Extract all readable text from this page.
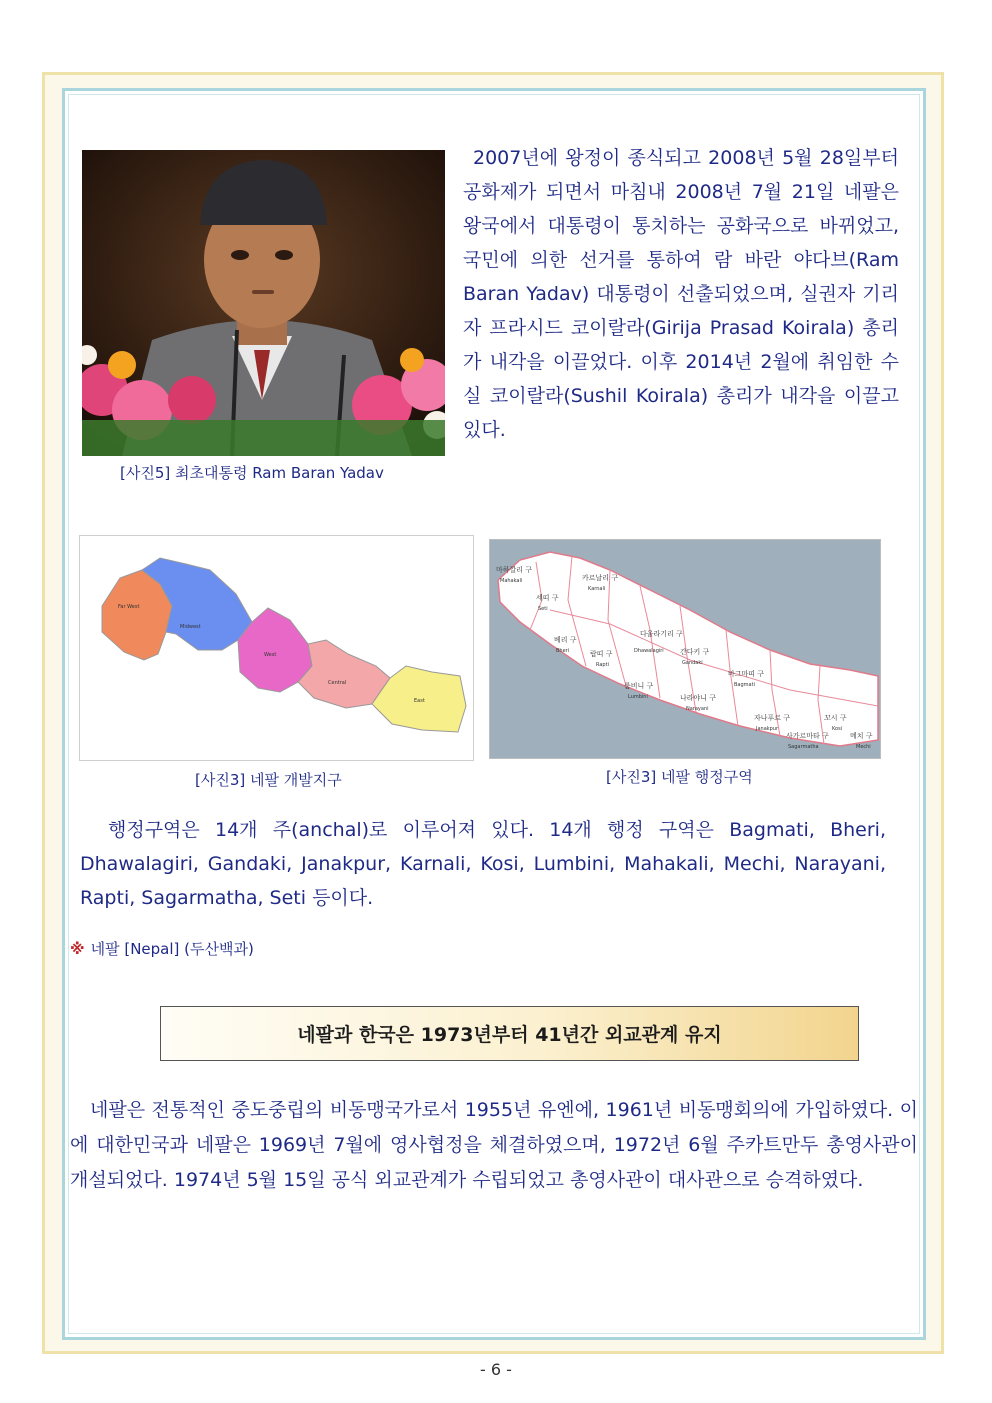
[사진5] 최초대통령 Ram Baran Yadav

2007년에 왕정이 종식되고 2008년 5월 28일부터 공화제가 되면서 마침내 2008년 7월 21일 네팔은 왕국에서 대통령이 통치하는 공화국으로 바뀌었고, 국민에 의한 선거를 통하여 람 바란 야다브(Ram Baran Yadav) 대통령이 선출되었으며, 실권자 기리자 프라시드 코이랄라(Girija Prasad Koirala) 총리가 내각을 이끌었다. 이후 2014년 2월에 취임한 수실 코이랄라(Sushil Koirala) 총리가 내각을 이끌고 있다.

Far West
Midwest
West
Central
East
[사진3] 네팔 개발지구
마하깔리 구
Mahakali
세띠 구
Seti
카르날리 구
Karnali
베리 구
Bheri	랍띠 구
Rapti
다울라기리 구
Dhawalagiri 간다키 구
Gandaki
룸비니 구
Lumbini
바그마띠 구
Bagmati
나라야니 구
Narayani
자나푸르 구
Janakpur
사가르마타 구
Sagarmatha
꼬시 구
Kosi
메치 구
Mechi
[사진3] 네팔 행정구역

행정구역은 14개 주(anchal)로 이루어져 있다. 14개 행정 구역은 Bagmati, Bheri, Dhawalagiri, Gandaki, Janakpur, Karnali, Kosi, Lumbini, Mahakali, Mechi, Narayani, Rapti, Sagarmatha, Seti 등이다.

※ 네팔 [Nepal] (두산백과)
네팔과 한국은 1973년부터 41년간 외교관계 유지

네팔은 전통적인 중도중립의 비동맹국가로서 1955년 유엔에, 1961년 비동맹회의에 가입하였다. 이에 대한민국과 네팔은 1969년 7월에 영사협정을 체결하였으며, 1972년 6월 주카트만두 총영사관이 개설되었다. 1974년 5월 15일 공식 외교관계가 수립되었고 총영사관이 대사관으로 승격하였다.

- 6 -
